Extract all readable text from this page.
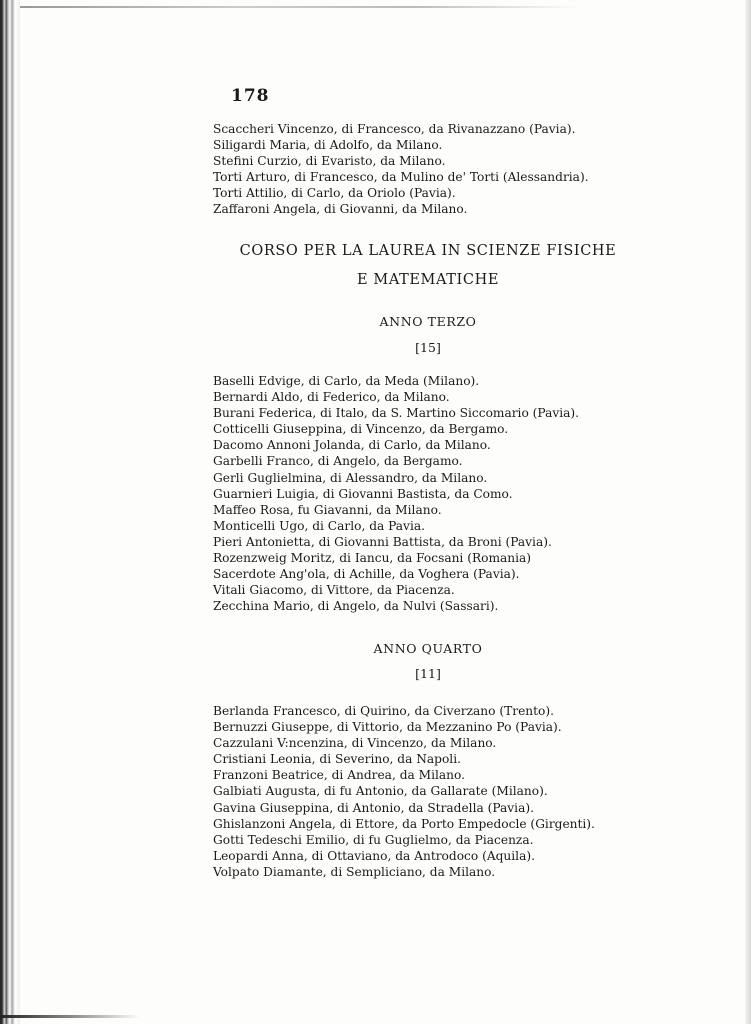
178
Scaccheri Vincenzo, di Francesco, da Rivanazzano (Pavia).
Siligardi Maria, di Adolfo, da Milano.
Stefini Curzio, di Evaristo, da Milano.
Torti Arturo, di Francesco, da Mulino de' Torti (Alessandria).
Torti Attilio, di Carlo, da Oriolo (Pavia).
Zaffaroni Angela, di Giovanni, da Milano.
CORSO PER LA LAUREA IN SCIENZE FISICHE
E MATEMATICHE
ANNO TERZO
[15]
Baselli Edvige, di Carlo, da Meda (Milano).
Bernardi Aldo, di Federico, da Milano.
Burani Federica, di Italo, da S. Martino Siccomario (Pavia).
Cotticelli Giuseppina, di Vincenzo, da Bergamo.
Dacomo Annoni Jolanda, di Carlo, da Milano.
Garbelli Franco, di Angelo, da Bergamo.
Gerli Guglielmina, di Alessandro, da Milano.
Guarnieri Luigia, di Giovanni Bastista, da Como.
Maffeo Rosa, fu Giavanni, da Milano.
Monticelli Ugo, di Carlo, da Pavia.
Pieri Antonietta, di Giovanni Battista, da Broni (Pavia).
Rozenzweig Moritz, di Iancu, da Focsani (Romania)
Sacerdote Ang'ola, di Achille, da Voghera (Pavia).
Vitali Giacomo, di Vittore, da Piacenza.
Zecchina Mario, di Angelo, da Nulvi (Sassari).
ANNO QUARTO
[11]
Berlanda Francesco, di Quirino, da Civerzano (Trento).
Bernuzzi Giuseppe, di Vittorio, da Mezzanino Po (Pavia).
Cazzulani V:ncenzina, di Vincenzo, da Milano.
Cristiani Leonia, di Severino, da Napoli.
Franzoni Beatrice, di Andrea, da Milano.
Galbiati Augusta, di fu Antonio, da Gallarate (Milano).
Gavina Giuseppina, di Antonio, da Stradella (Pavia).
Ghislanzoni Angela, di Ettore, da Porto Empedocle (Girgenti).
Gotti Tedeschi Emilio, di fu Guglielmo, da Piacenza.
Leopardi Anna, di Ottaviano, da Antrodoco (Aquila).
Volpato Diamante, di Sempliciano, da Milano.
